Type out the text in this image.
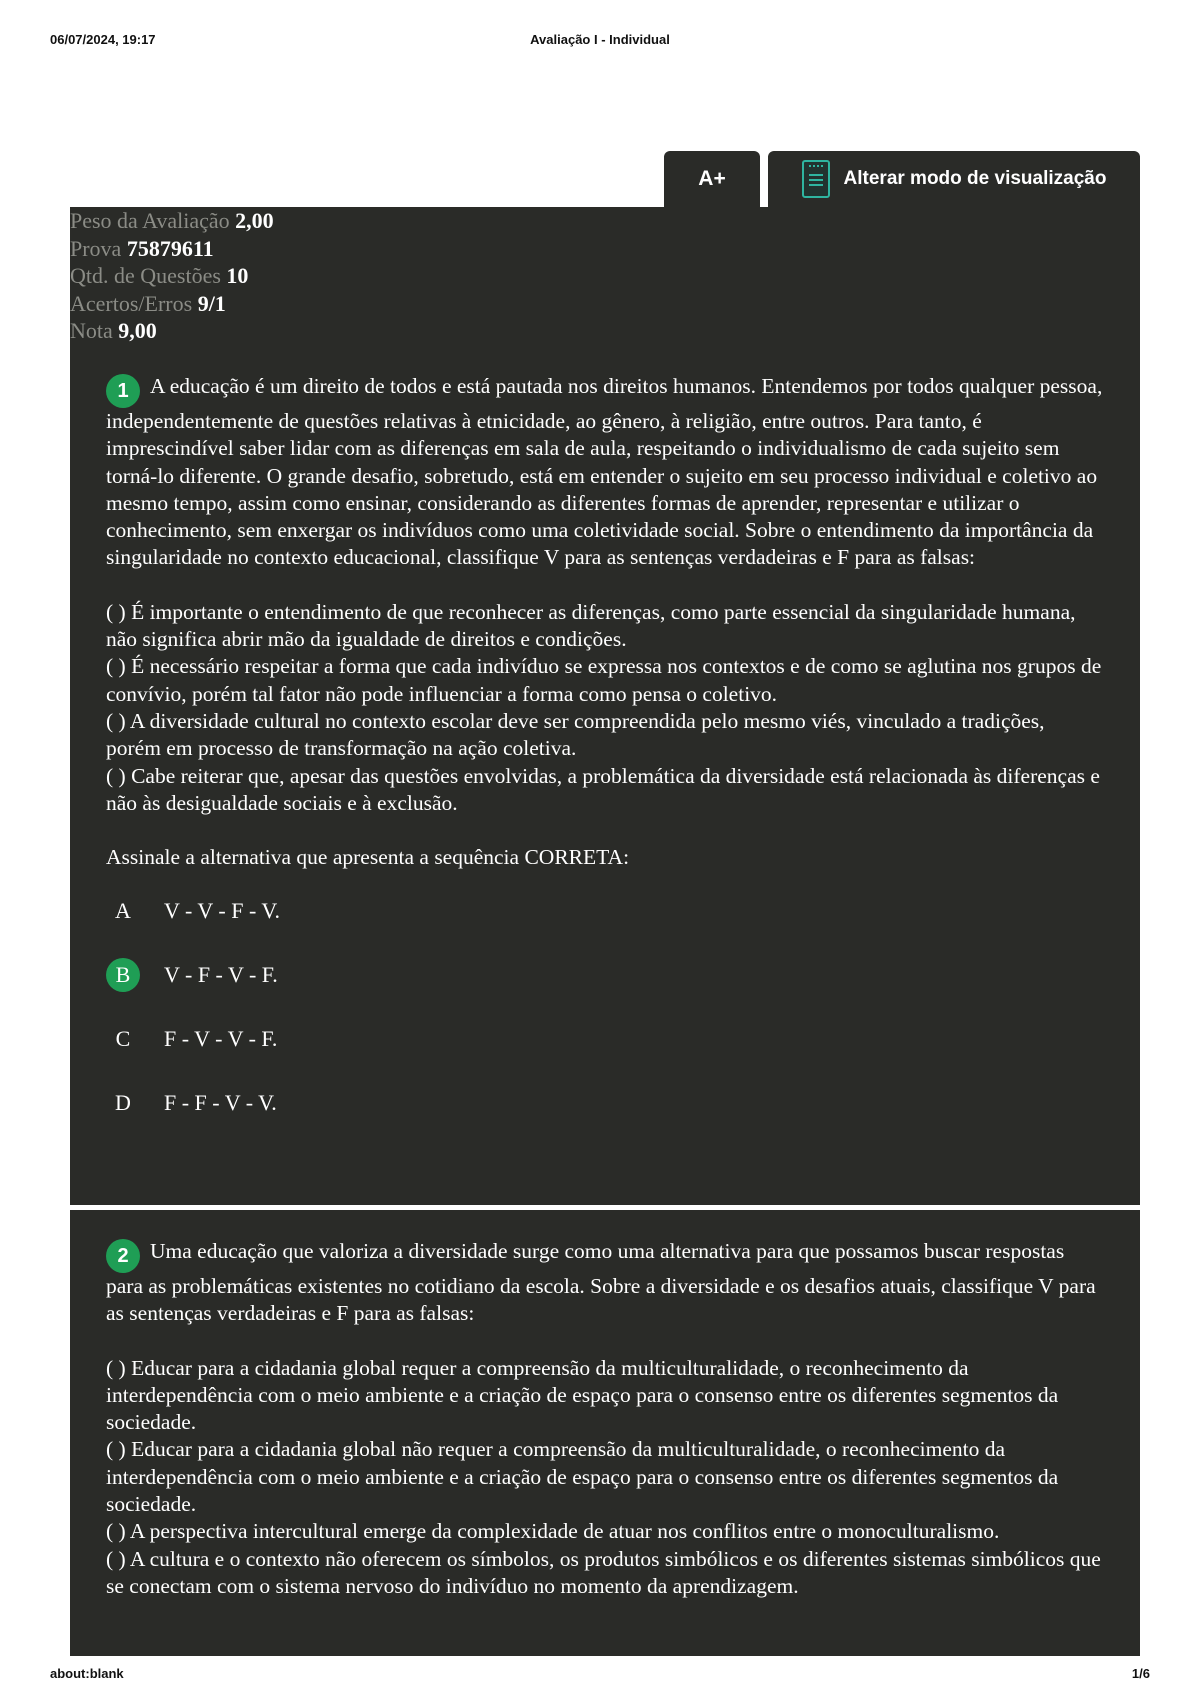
06/07/2024, 19:17	Avaliação I - Individual
A+	Alterar modo de visualização
Peso da Avaliação 2,00
Prova 75879611
Qtd. de Questões 10
Acertos/Erros 9/1
Nota 9,00

1 A educação é um direito de todos e está pautada nos direitos humanos. Entendemos por todos qualquer pessoa, independentemente de questões relativas à etnicidade, ao gênero, à religião, entre outros. Para tanto, é imprescindível saber lidar com as diferenças em sala de aula, respeitando o individualismo de cada sujeito sem torná-lo diferente. O grande desafio, sobretudo, está em entender o sujeito em seu processo individual e coletivo ao mesmo tempo, assim como ensinar, considerando as diferentes formas de aprender, representar e utilizar o conhecimento, sem enxergar os indivíduos como uma coletividade social. Sobre o entendimento da importância da singularidade no contexto educacional, classifique V para as sentenças verdadeiras e F para as falsas:

( ) É importante o entendimento de que reconhecer as diferenças, como parte essencial da singularidade humana, não significa abrir mão da igualdade de direitos e condições.
( ) É necessário respeitar a forma que cada indivíduo se expressa nos contextos e de como se aglutina nos grupos de convívio, porém tal fator não pode influenciar a forma como pensa o coletivo.
( ) A diversidade cultural no contexto escolar deve ser compreendida pelo mesmo viés, vinculado a tradições, porém em processo de transformação na ação coletiva.
( ) Cabe reiterar que, apesar das questões envolvidas, a problemática da diversidade está relacionada às diferenças e não às desigualdade sociais e à exclusão.
Assinale a alternativa que apresenta a sequência CORRETA:
A	V - V - F - V.
B	V - F - V - F.
C	F - V - V - F.
D	F - F - V - V.

2 Uma educação que valoriza a diversidade surge como uma alternativa para que possamos buscar respostas para as problemáticas existentes no cotidiano da escola. Sobre a diversidade e os desafios atuais, classifique V para as sentenças verdadeiras e F para as falsas:

( ) Educar para a cidadania global requer a compreensão da multiculturalidade, o reconhecimento da interdependência com o meio ambiente e a criação de espaço para o consenso entre os diferentes segmentos da sociedade.
( ) Educar para a cidadania global não requer a compreensão da multiculturalidade, o reconhecimento da interdependência com o meio ambiente e a criação de espaço para o consenso entre os diferentes segmentos da sociedade.
( ) A perspectiva intercultural emerge da complexidade de atuar nos conflitos entre o monoculturalismo.
( ) A cultura e o contexto não oferecem os símbolos, os produtos simbólicos e os diferentes sistemas simbólicos que se conectam com o sistema nervoso do indivíduo no momento da aprendizagem.
about:blank	1/6
